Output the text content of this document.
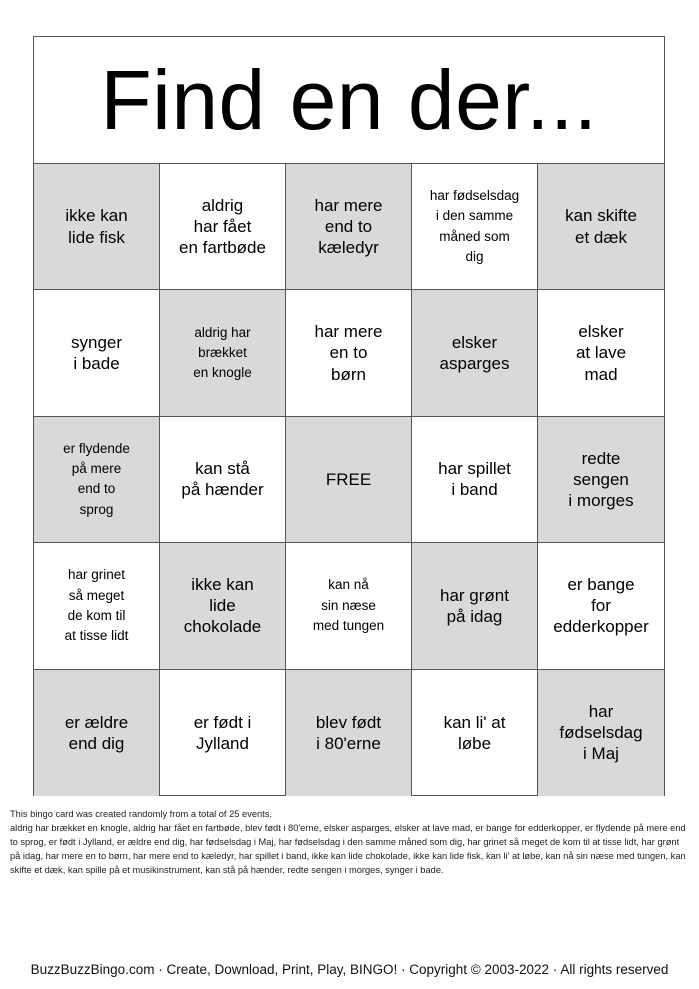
Find en der...
ikke kan
lide fisk
aldrig
har fået
en fartbøde
har mere
end to
kæledyr
har fødselsdag
i den samme
måned som
dig
kan skifte
et dæk
synger
i bade
aldrig har
brækket
en knogle
har mere
en to
børn
elsker
asparges
elsker
at lave
mad
er flydende
på mere
end to
sprog
kan stå
på hænder
FREE
har spillet
i band
redte
sengen
i morges
har grinet
så meget
de kom til
at tisse lidt
ikke kan
lide
chokolade
kan nå
sin næse
med tungen
har grønt
på idag
er bange
for
edderkopper
er ældre
end dig
er født i
Jylland
blev født
i 80'erne
kan li' at
løbe
har
fødselsdag
i Maj

This bingo card was created randomly from a total of 25 events.

aldrig har brækket en knogle, aldrig har fået en fartbøde, blev født i 80'erne, elsker asparges, elsker at lave mad, er bange for edderkopper, er flydende på mere end to sprog, er født i Jylland, er ældre end dig, har fødselsdag i Maj, har fødselsdag i den samme måned som dig, har grinet så meget de kom til at tisse lidt, har grønt på idag, har mere en to børn, har mere end to kæledyr, har spillet i band, ikke kan lide chokolade, ikke kan lide fisk, kan li' at løbe, kan nå sin næse med tungen, kan skifte et dæk, kan spille på et musikinstrument, kan stå på hænder, redte sengen i morges, synger i bade.

BuzzBuzzBingo.com · Create, Download, Print, Play, BINGO! · Copyright © 2003-2022 · All rights reserved
